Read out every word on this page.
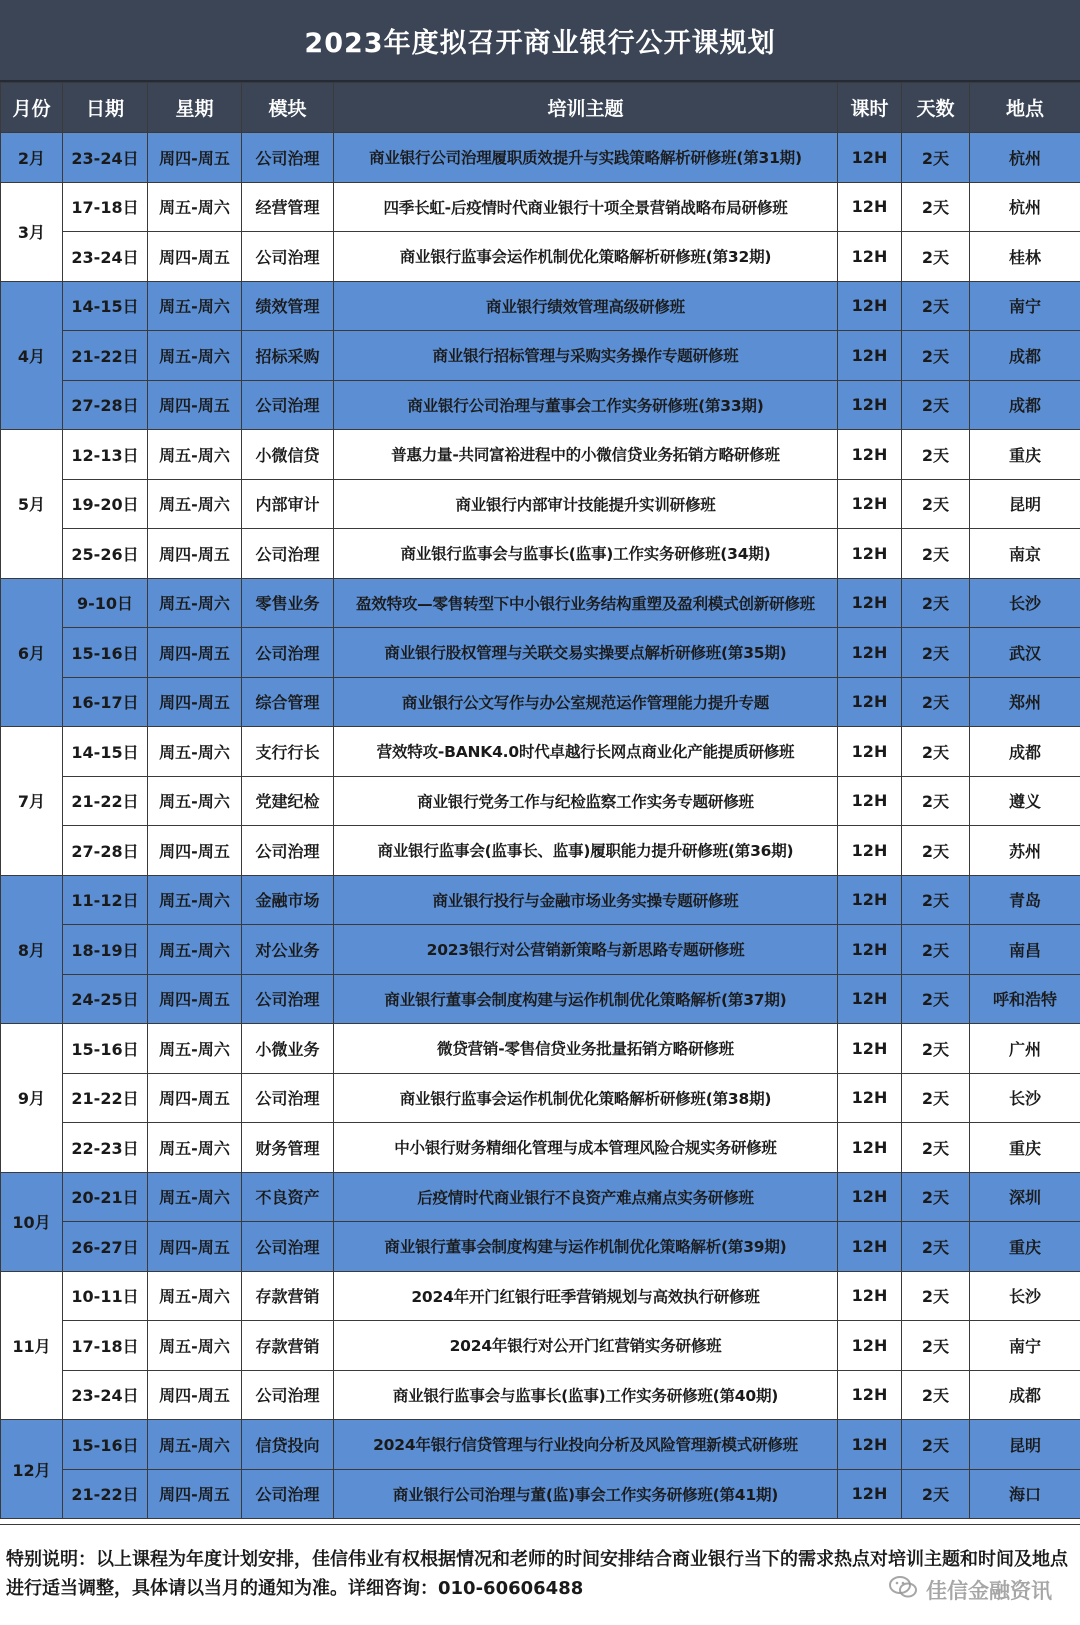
2023年度拟召开商业银行公开课规划
月份	日期	星期	模块	培训主题	课时	天数	地点
2月	23-24日	周四-周五	公司治理	商业银行公司治理履职质效提升与实践策略解析研修班(第31期)	12H	2天	杭州
3月	17-18日	周五-周六	经营管理	四季长虹-后疫情时代商业银行十项全景营销战略布局研修班	12H	2天	杭州
	23-24日	周四-周五	公司治理	商业银行监事会运作机制优化策略解析研修班(第32期)	12H	2天	桂林
4月	14-15日	周五-周六	绩效管理	商业银行绩效管理高级研修班	12H	2天	南宁
	21-22日	周五-周六	招标采购	商业银行招标管理与采购实务操作专题研修班	12H	2天	成都
	27-28日	周四-周五	公司治理	商业银行公司治理与董事会工作实务研修班(第33期)	12H	2天	成都
5月	12-13日	周五-周六	小微信贷	普惠力量-共同富裕进程中的小微信贷业务拓销方略研修班	12H	2天	重庆
	19-20日	周五-周六	内部审计	商业银行内部审计技能提升实训研修班	12H	2天	昆明
	25-26日	周四-周五	公司治理	商业银行监事会与监事长(监事)工作实务研修班(34期)	12H	2天	南京
6月	9-10日	周五-周六	零售业务	盈效特攻—零售转型下中小银行业务结构重塑及盈利模式创新研修班	12H	2天	长沙
	15-16日	周四-周五	公司治理	商业银行股权管理与关联交易实操要点解析研修班(第35期)	12H	2天	武汉
	16-17日	周四-周五	综合管理	商业银行公文写作与办公室规范运作管理能力提升专题	12H	2天	郑州
7月	14-15日	周五-周六	支行行长	营效特攻-BANK4.0时代卓越行长网点商业化产能提质研修班	12H	2天	成都
	21-22日	周五-周六	党建纪检	商业银行党务工作与纪检监察工作实务专题研修班	12H	2天	遵义
	27-28日	周四-周五	公司治理	商业银行监事会(监事长、监事)履职能力提升研修班(第36期)	12H	2天	苏州
8月	11-12日	周五-周六	金融市场	商业银行投行与金融市场业务实操专题研修班	12H	2天	青岛
	18-19日	周五-周六	对公业务	2023银行对公营销新策略与新思路专题研修班	12H	2天	南昌
	24-25日	周四-周五	公司治理	商业银行董事会制度构建与运作机制优化策略解析(第37期)	12H	2天	呼和浩特
9月	15-16日	周五-周六	小微业务	微贷营销-零售信贷业务批量拓销方略研修班	12H	2天	广州
	21-22日	周四-周五	公司治理	商业银行监事会运作机制优化策略解析研修班(第38期)	12H	2天	长沙
	22-23日	周五-周六	财务管理	中小银行财务精细化管理与成本管理风险合规实务研修班	12H	2天	重庆
10月	20-21日	周五-周六	不良资产	后疫情时代商业银行不良资产难点痛点实务研修班	12H	2天	深圳
	26-27日	周四-周五	公司治理	商业银行董事会制度构建与运作机制优化策略解析(第39期)	12H	2天	重庆
11月	10-11日	周五-周六	存款营销	2024年开门红银行旺季营销规划与高效执行研修班	12H	2天	长沙
	17-18日	周五-周六	存款营销	2024年银行对公开门红营销实务研修班	12H	2天	南宁
	23-24日	周四-周五	公司治理	商业银行监事会与监事长(监事)工作实务研修班(第40期)	12H	2天	成都
12月	15-16日	周五-周六	信贷投向	2024年银行信贷管理与行业投向分析及风险管理新模式研修班	12H	2天	昆明
	21-22日	周四-周五	公司治理	商业银行公司治理与董(监)事会工作实务研修班(第41期)	12H	2天	海口
特别说明：以上课程为年度计划安排，佳信伟业有权根据情况和老师的时间安排结合商业银行当下的需求热点对培训主题和时间及地点进行适当调整，具体请以当月的通知为准。详细咨询：010-60606488	佳信金融资讯
